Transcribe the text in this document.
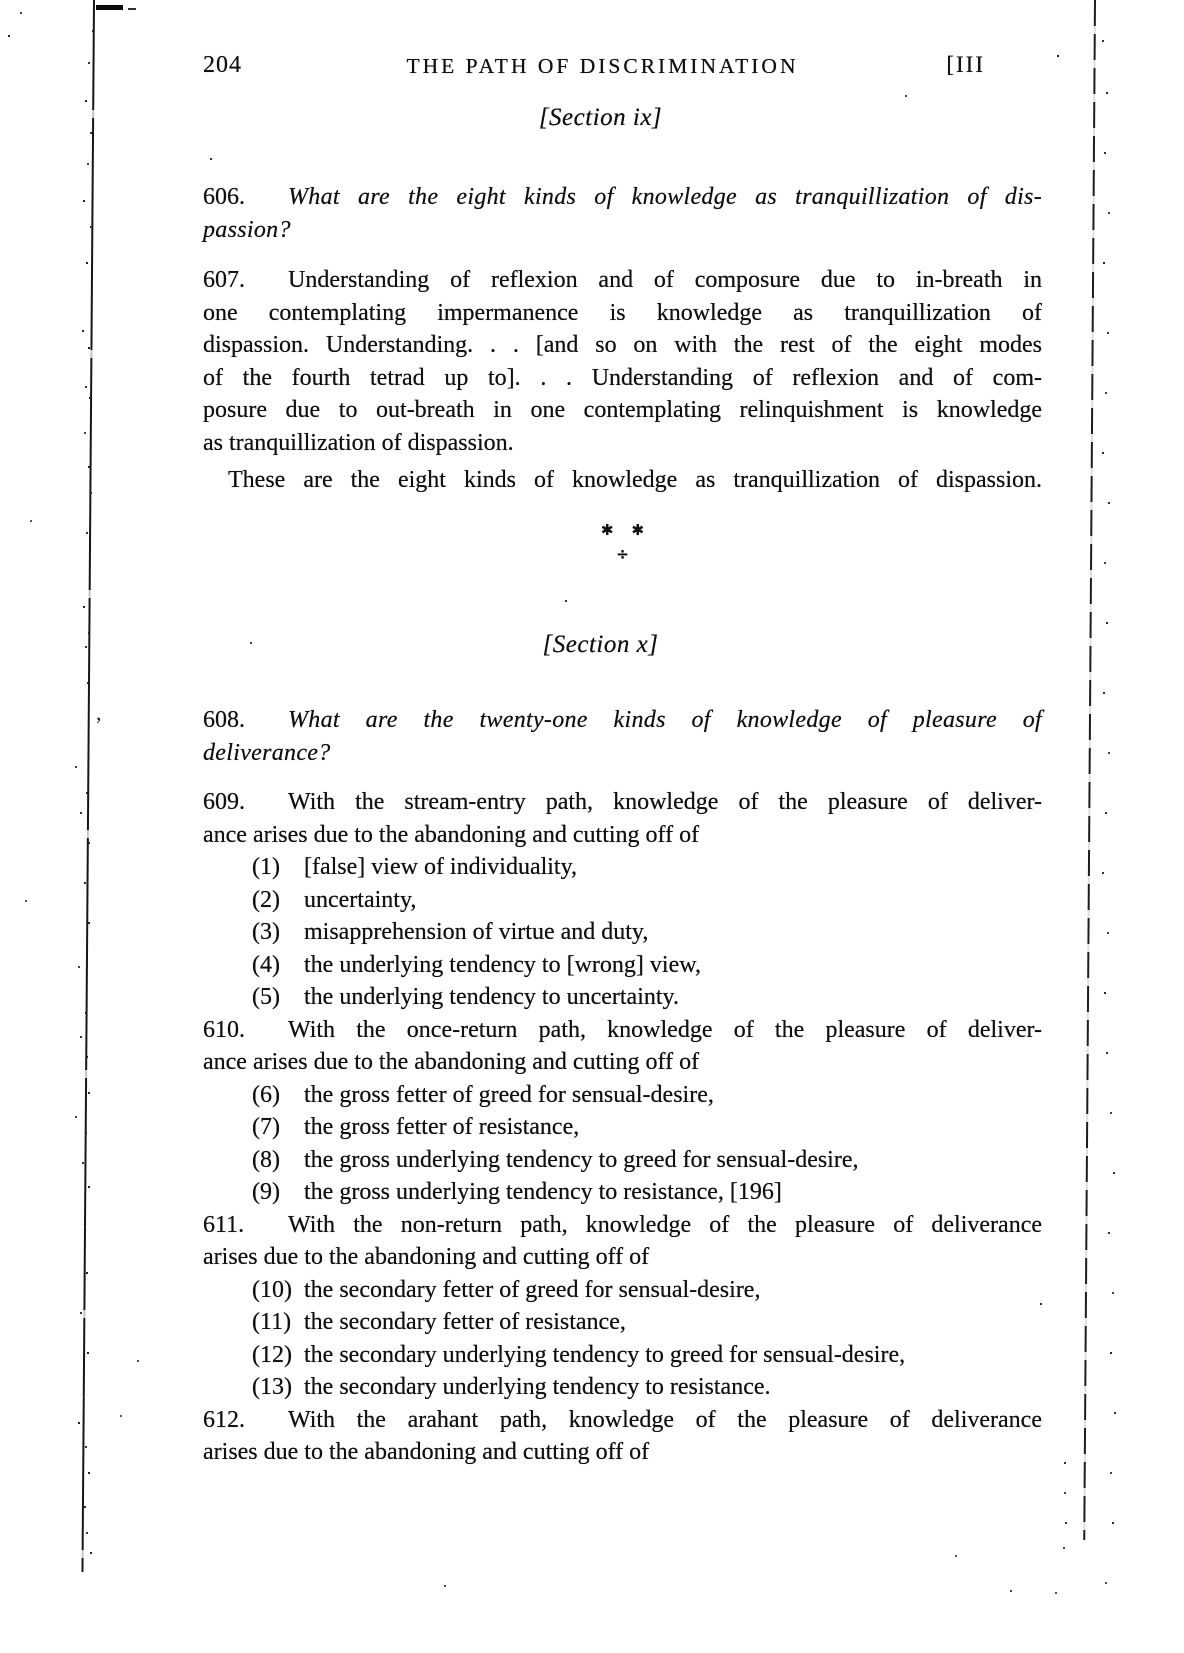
,
204	THE PATH OF DISCRIMINATION	[III
[Section ix]
606. What are the eight kinds of knowledge as tranquillization of dis-
passion?
607. Understanding of reflexion and of composure due to in-breath in
one contemplating impermanence is knowledge as tranquillization of
dispassion. Understanding. . . [and so on with the rest of the eight modes
of the fourth tetrad up to]. . . Understanding of reflexion and of com-
posure due to out-breath in one contemplating relinquishment is knowledge
as tranquillization of dispassion.
These are the eight kinds of knowledge as tranquillization of dispassion.
✱ ✱
÷
[Section x]
608. What are the twenty-one kinds of knowledge of pleasure of
deliverance?
609. With the stream-entry path, knowledge of the pleasure of deliver-
ance arises due to the abandoning and cutting off of
(1) [false] view of individuality,
(2) uncertainty,
(3) misapprehension of virtue and duty,
(4) the underlying tendency to [wrong] view,
(5) the underlying tendency to uncertainty.
610. With the once-return path, knowledge of the pleasure of deliver-
ance arises due to the abandoning and cutting off of
(6) the gross fetter of greed for sensual-desire,
(7) the gross fetter of resistance,
(8) the gross underlying tendency to greed for sensual-desire,
(9) the gross underlying tendency to resistance, [196]
611. With the non-return path, knowledge of the pleasure of deliverance
arises due to the abandoning and cutting off of
(10) the secondary fetter of greed for sensual-desire,
(11) the secondary fetter of resistance,
(12) the secondary underlying tendency to greed for sensual-desire,
(13) the secondary underlying tendency to resistance.
612. With the arahant path, knowledge of the pleasure of deliverance
arises due to the abandoning and cutting off of
